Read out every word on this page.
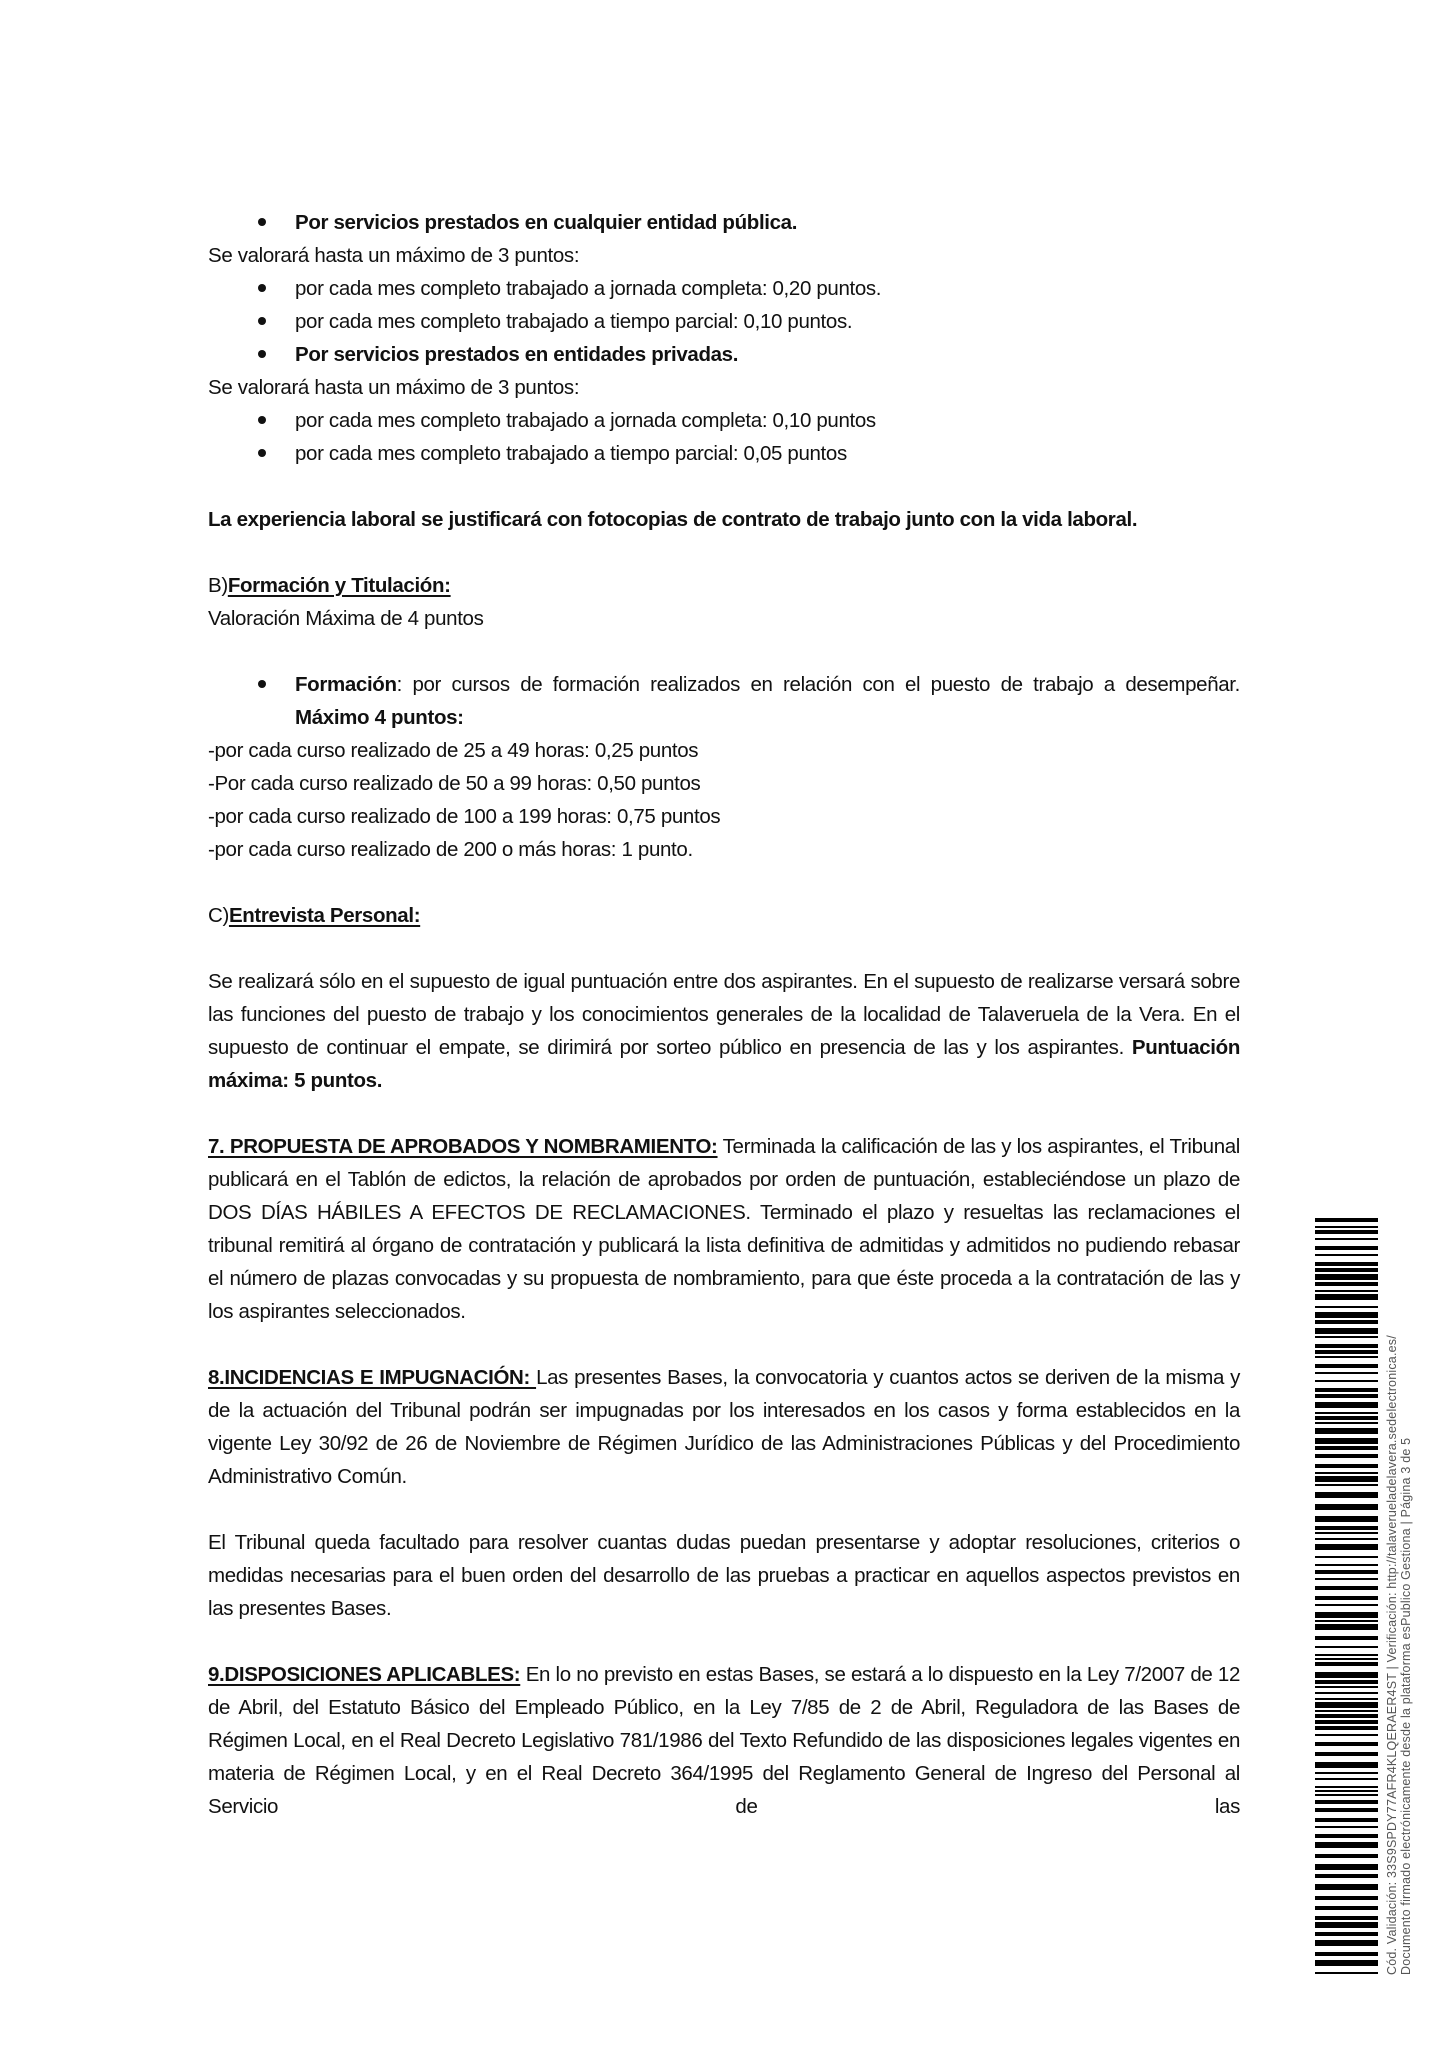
Por servicios prestados en cualquier entidad pública.
Se valorará hasta un máximo de 3 puntos:
por cada mes completo trabajado a jornada completa: 0,20 puntos.
por cada mes completo trabajado a tiempo parcial: 0,10 puntos.
Por servicios prestados en entidades privadas.
Se valorará hasta un máximo de 3 puntos:
por cada mes completo trabajado a jornada completa: 0,10 puntos
por cada mes completo trabajado a tiempo parcial: 0,05 puntos
La experiencia laboral se justificará con fotocopias de contrato de trabajo junto con la vida laboral.
B)Formación y Titulación:
Valoración Máxima de 4 puntos
Formación: por cursos de formación realizados en relación con el puesto de trabajo a desempeñar. Máximo 4 puntos:
-por cada curso realizado de 25 a 49 horas: 0,25 puntos
-Por cada curso realizado de 50 a 99 horas: 0,50 puntos
-por cada curso realizado de 100 a 199 horas: 0,75 puntos
-por cada curso realizado de 200 o más horas: 1 punto.
C)Entrevista Personal:
Se realizará sólo en el supuesto de igual puntuación entre dos aspirantes. En el supuesto de realizarse versará sobre las funciones del puesto de trabajo y los conocimientos generales de la localidad de Talaveruela de la Vera. En el supuesto de continuar el empate, se dirimirá por sorteo público en presencia de las y los aspirantes. Puntuación máxima: 5 puntos.
7. PROPUESTA DE APROBADOS Y NOMBRAMIENTO: Terminada la calificación de las y los aspirantes, el Tribunal publicará en el Tablón de edictos, la relación de aprobados por orden de puntuación, estableciéndose un plazo de DOS DÍAS HÁBILES A EFECTOS DE RECLAMACIONES. Terminado el plazo y resueltas las reclamaciones el tribunal remitirá al órgano de contratación y publicará la lista definitiva de admitidas y admitidos no pudiendo rebasar el número de plazas convocadas y su propuesta de nombramiento, para que éste proceda a la contratación de las y los aspirantes seleccionados.
8.INCIDENCIAS E IMPUGNACIÓN: Las presentes Bases, la convocatoria y cuantos actos se deriven de la misma y de la actuación del Tribunal podrán ser impugnadas por los interesados en los casos y forma establecidos en la vigente Ley 30/92 de 26 de Noviembre de Régimen Jurídico de las Administraciones Públicas y del Procedimiento Administrativo Común.
El Tribunal queda facultado para resolver cuantas dudas puedan presentarse y adoptar resoluciones, criterios o medidas necesarias para el buen orden del desarrollo de las pruebas a practicar en aquellos aspectos previstos en las presentes Bases.
9.DISPOSICIONES APLICABLES: En lo no previsto en estas Bases, se estará a lo dispuesto en la Ley 7/2007 de 12 de Abril, del Estatuto Básico del Empleado Público, en la Ley 7/85 de 2 de Abril, Reguladora de las Bases de Régimen Local, en el Real Decreto Legislativo 781/1986 del Texto Refundido de las disposiciones legales vigentes en materia de Régimen Local, y en el Real Decreto 364/1995 del Reglamento General de Ingreso del Personal al Servicio de las	Cód. Validación: 33S9SPDY77AFR4KLQERAER4ST | Verificación: http://talaverueladelavera.sedelectronica.es/ Documento firmado electrónicamente desde la plataforma esPublico Gestiona | Página 3 de 5
